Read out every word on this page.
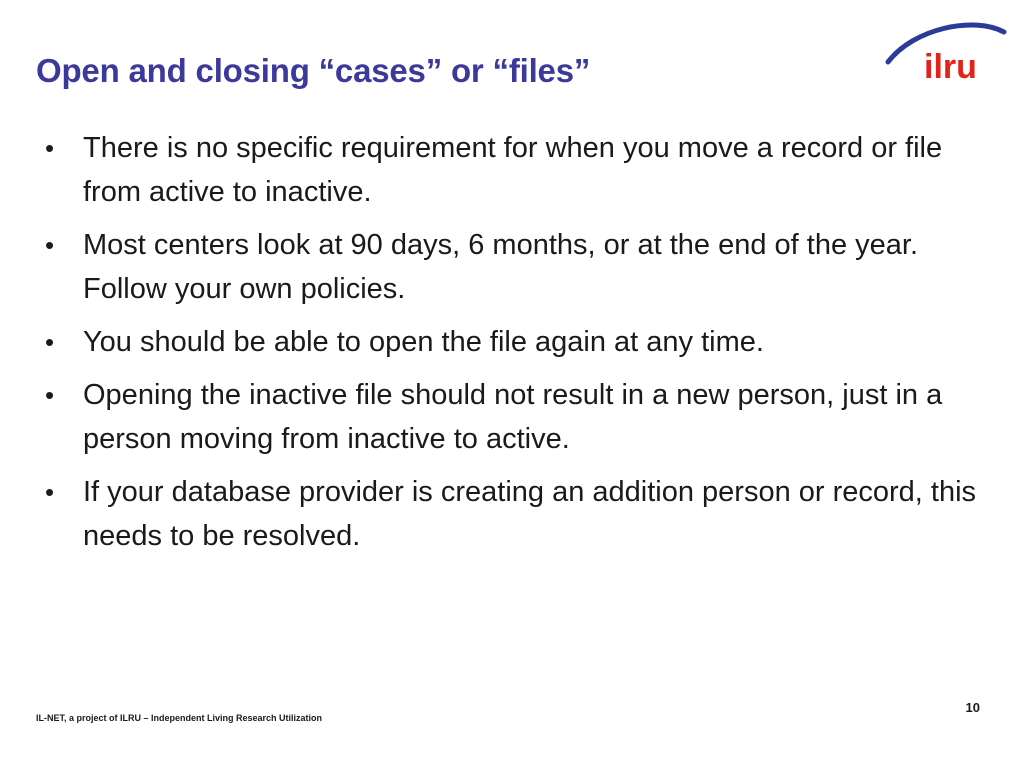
Open and closing “cases” or “files”	ilru
• There is no specific requirement for when you move a record or file from active to inactive.
• Most centers look at 90 days, 6 months, or at the end of the year. Follow your own policies.
• You should be able to open the file again at any time.
• Opening the inactive file should not result in a new person, just in a person moving from inactive to active.
• If your database provider is creating an addition person or record, this needs to be resolved.
IL-NET, a project of ILRU – Independent Living Research Utilization
10
